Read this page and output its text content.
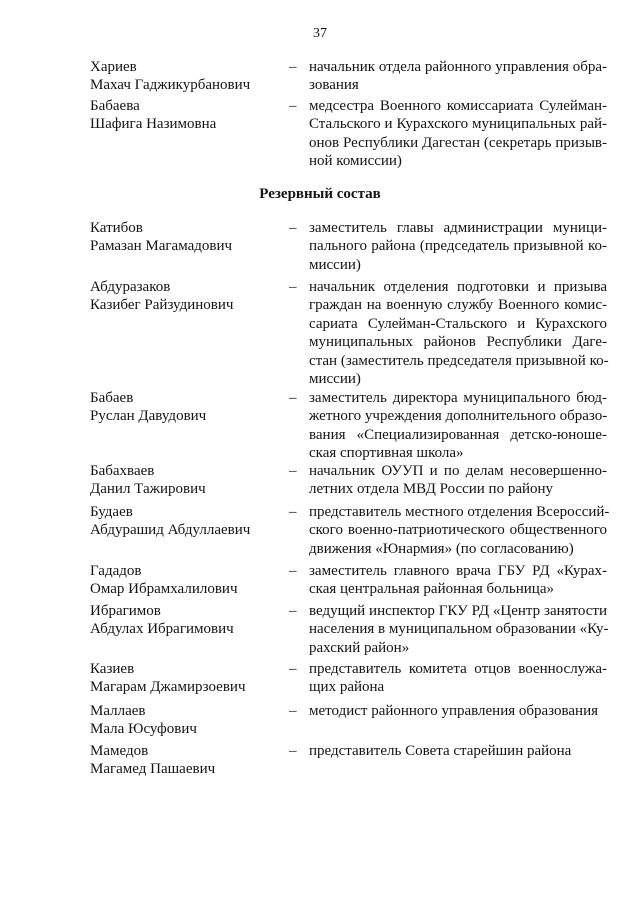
37
Хариев
Махач Гаджикурбанович
– начальник отдела районного управления обра-
зования
Бабаева
Шафига Назимовна
– медсестра Военного комиссариата Сулейман-
Стальского и Курахского муниципальных рай-
онов Республики Дагестан (секретарь призыв-
ной комиссии)
Резервный состав
Катибов
Рамазан Магамадович
– заместитель главы администрации муници-
пального района (председатель призывной ко-
миссии)
Абдуразаков
Казибег Райзудинович
– начальник отделения подготовки и призыва
граждан на военную службу Военного комис-
сариата Сулейман-Стальского и Курахского
муниципальных районов Республики Даге-
стан (заместитель председателя призывной ко-
миссии)
Бабаев
Руслан Давудович
– заместитель директора муниципального бюд-
жетного учреждения дополнительного образо-
вания «Специализированная детско-юноше-
ская спортивная школа»
Бабахваев
Данил Тажирович
– начальник ОУУП и по делам несовершенно-
летних отдела МВД России по району
Будаев
Абдурашид Абдуллаевич
– представитель местного отделения Всероссий-
ского военно-патриотического общественного
движения «Юнармия» (по согласованию)
Гададов
Омар Ибрамхалилович
– заместитель главного врача ГБУ РД «Курах-
ская центральная районная больница»
Ибрагимов
Абдулах Ибрагимович
– ведущий инспектор ГКУ РД «Центр занятости
населения в муниципальном образовании «Ку-
рахский район»
Казиев
Магарам Джамирзоевич
– представитель комитета отцов военнослужа-
щих района
Маллаев
Мала Юсуфович
– методист районного управления образования
Мамедов
Магамед Пашаевич
– представитель Совета старейшин района
